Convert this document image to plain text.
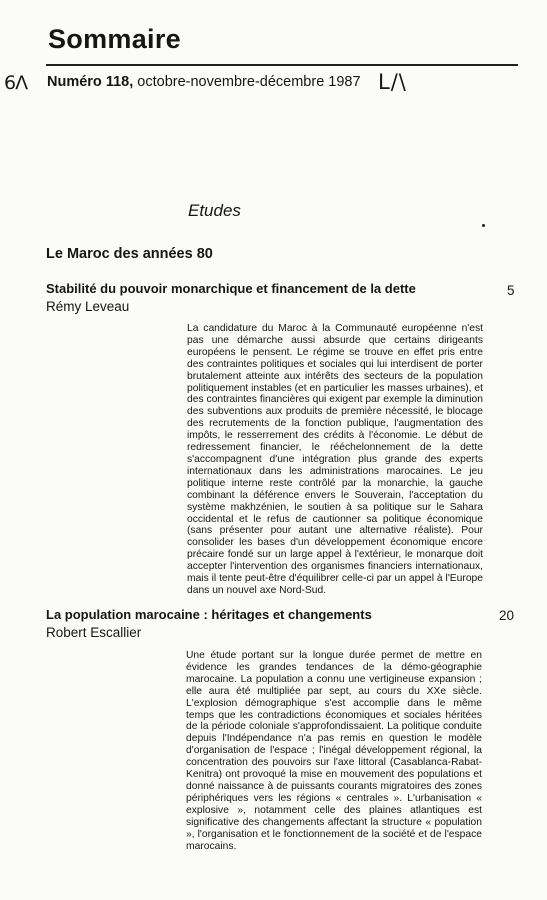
Sommaire
6Λ Numéro 118, octobre-novembre-décembre 1987 L/\
Etudes
Le Maroc des années 80
Stabilité du pouvoir monarchique et financement de la dette
Rémy Leveau
5
La candidature du Maroc à la Communauté européenne n'est pas une démarche aussi absurde que certains dirigeants européens le pensent. Le régime se trouve en effet pris entre des contraintes politiques et sociales qui lui interdisent de porter brutalement atteinte aux intérêts des secteurs de la population politiquement instables (et en particulier les masses urbaines), et des contraintes financières qui exigent par exemple la diminution des subventions aux produits de première nécessité, le blocage des recrutements de la fonction publique, l'augmentation des impôts, le resserrement des crédits à l'économie. Le début de redressement financier, le rééchelonnement de la dette s'accompagnent d'une intégration plus grande des experts internationaux dans les administrations marocaines. Le jeu politique interne reste contrôlé par la monarchie, la gauche combinant la déférence envers le Souverain, l'acceptation du système makhzénien, le soutien à sa politique sur le Sahara occidental et le refus de cautionner sa politique économique (sans présenter pour autant une alternative réaliste). Pour consolider les bases d'un développement économique encore précaire fondé sur un large appel à l'extérieur, le monarque doit accepter l'intervention des organismes financiers internationaux, mais il tente peut-être d'équilibrer celle-ci par un appel à l'Europe dans un nouvel axe Nord-Sud.
La population marocaine : héritages et changements
Robert Escallier
20
Une étude portant sur la longue durée permet de mettre en évidence les grandes tendances de la démo-géographie marocaine. La population a connu une vertigineuse expansion ; elle aura été multipliée par sept, au cours du XXe siècle. L'explosion démographique s'est accomplie dans le même temps que les contradictions économiques et sociales héritées de la période coloniale s'approfondissaient. La politique conduite depuis l'Indépendance n'a pas remis en question le modèle d'organisation de l'espace ; l'inégal développement régional, la concentration des pouvoirs sur l'axe littoral (Casablanca-Rabat-Kenitra) ont provoqué la mise en mouvement des populations et donné naissance à de puissants courants migratoires des zones périphériques vers les régions « centrales ». L'urbanisation « explosive », notamment celle des plaines atlantiques est significative des changements affectant la structure « population », l'organisation et le fonctionnement de la société et de l'espace marocains.
